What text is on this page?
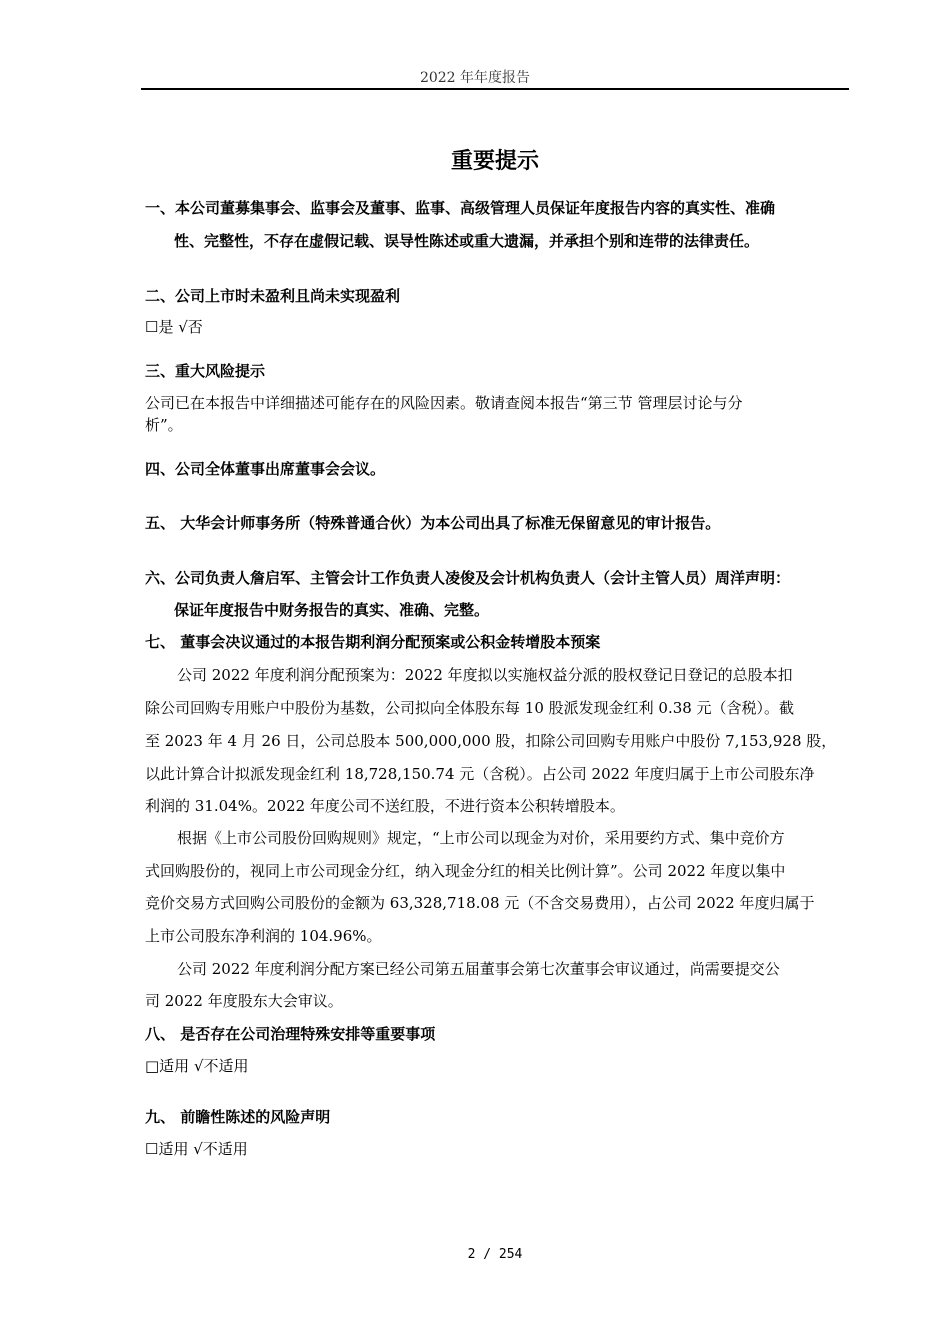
2022 年年度报告
重要提示
一、本公司董募集事会、监事会及董事、监事、高级管理人员保证年度报告内容的真实性、准确
性、完整性，不存在虚假记载、误导性陈述或重大遗漏，并承担个别和连带的法律责任。
二、公司上市时未盈利且尚未实现盈利
☐是 √否
三、重大风险提示
公司已在本报告中详细描述可能存在的风险因素。敬请查阅本报告“第三节 管理层讨论与分
析”。
四、公司全体董事出席董事会会议。
五、 大华会计师事务所（特殊普通合伙）为本公司出具了标准无保留意见的审计报告。
六、公司负责人詹启军、主管会计工作负责人凌俊及会计机构负责人（会计主管人员）周洋声明：
保证年度报告中财务报告的真实、准确、完整。
七、 董事会决议通过的本报告期利润分配预案或公积金转增股本预案
公司 2022 年度利润分配预案为：2022 年度拟以实施权益分派的股权登记日登记的总股本扣
除公司回购专用账户中股份为基数，公司拟向全体股东每 10 股派发现金红利 0.38 元（含税）。截
至 2023 年 4 月 26 日，公司总股本 500,000,000 股，扣除公司回购专用账户中股份 7,153,928 股，
以此计算合计拟派发现金红利 18,728,150.74 元（含税）。占公司 2022 年度归属于上市公司股东净
利润的 31.04%。2022 年度公司不送红股，不进行资本公积转增股本。
根据《上市公司股份回购规则》规定，“上市公司以现金为对价，采用要约方式、集中竞价方
式回购股份的，视同上市公司现金分红，纳入现金分红的相关比例计算”。公司 2022 年度以集中
竞价交易方式回购公司股份的金额为 63,328,718.08 元（不含交易费用），占公司 2022 年度归属于
上市公司股东净利润的 104.96%。
公司 2022 年度利润分配方案已经公司第五届董事会第七次董事会审议通过，尚需要提交公
司 2022 年度股东大会审议。
八、 是否存在公司治理特殊安排等重要事项
□适用 √不适用
九、 前瞻性陈述的风险声明
☐适用 √不适用
2 / 254
